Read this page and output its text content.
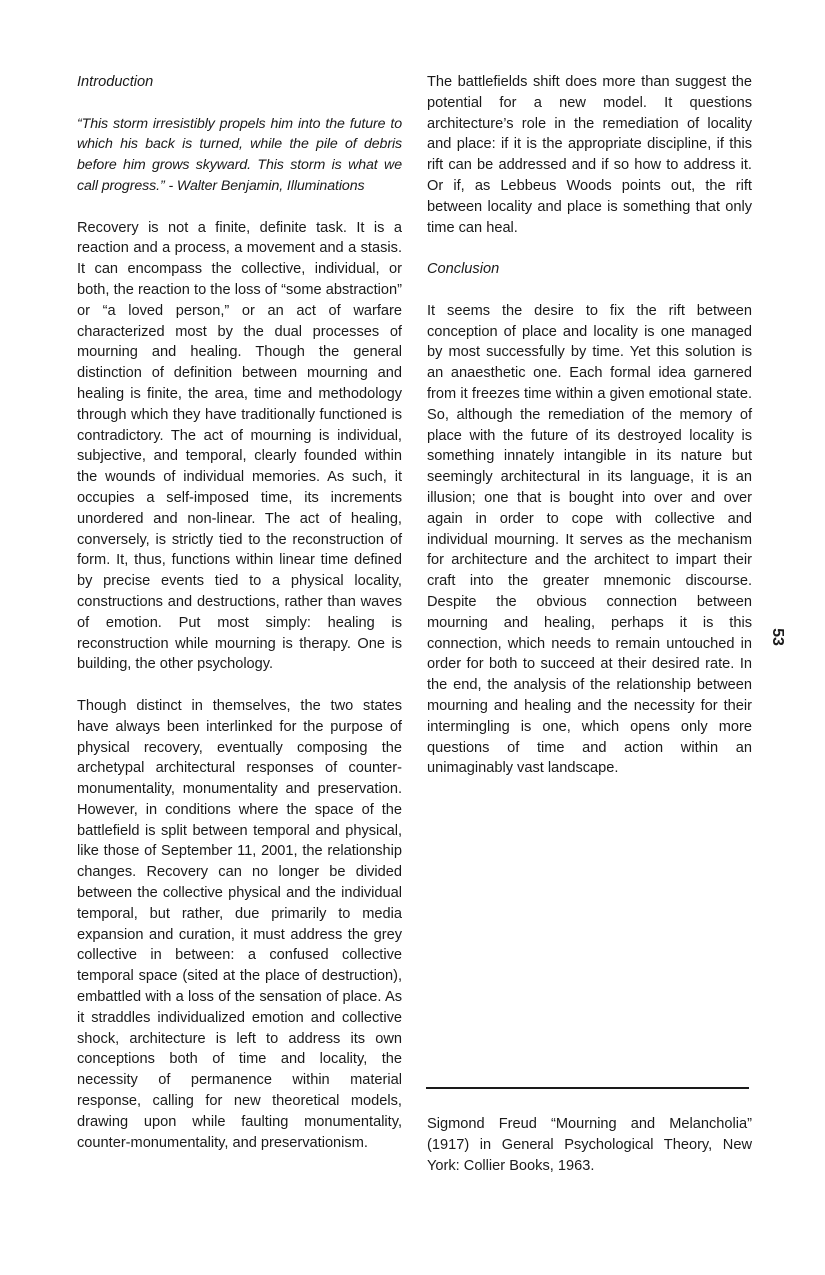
Introduction

“This storm irresistibly propels him into the future to which his back is turned, while the pile of debris before him grows skyward. This storm is what we call progress.” - Walter Benjamin, Illuminations

Recovery is not a finite, definite task. It is a reaction and a process, a movement and a stasis. It can encompass the collective, individual, or both, the reaction to the loss of “some abstraction” or “a loved person,” or an act of warfare characterized most by the dual processes of mourning and healing. Though the general distinction of definition between mourning and healing is finite, the area, time and methodology through which they have traditionally functioned is contradictory. The act of mourning is individual, subjective, and temporal, clearly founded within the wounds of individual memories. As such, it occupies a self-imposed time, its increments unordered and non-linear. The act of healing, conversely, is strictly tied to the reconstruction of form. It, thus, functions within linear time defined by precise events tied to a physical locality, constructions and destructions, rather than waves of emotion. Put most simply: healing is reconstruction while mourning is therapy. One is building, the other psychology.

Though distinct in themselves, the two states have always been interlinked for the purpose of physical recovery, eventually composing the archetypal architectural responses of counter-monumentality, monumentality and preservation. However, in conditions where the space of the battlefield is split between temporal and physical, like those of September 11, 2001, the relationship changes. Recovery can no longer be divided between the collective physical and the individual temporal, but rather, due primarily to media expansion and curation, it must address the grey collective in between: a confused collective temporal space (sited at the place of destruction), embattled with a loss of the sensation of place. As it straddles individualized emotion and collective shock, architecture is left to address its own conceptions both of time and locality, the necessity of permanence within material response, calling for new theoretical models, drawing upon while faulting monumentality, counter-monumentality, and preservationism.

The battlefields shift does more than suggest the potential for a new model. It questions architecture’s role in the remediation of locality and place: if it is the appropriate discipline, if this rift can be addressed and if so how to address it. Or if, as Lebbeus Woods points out, the rift between locality and place is something that only time can heal.

Conclusion

It seems the desire to fix the rift between conception of place and locality is one managed by most successfully by time. Yet this solution is an anaesthetic one. Each formal idea garnered from it freezes time within a given emotional state. So, although the remediation of the memory of place with the future of its destroyed locality is something innately intangible in its nature but seemingly architectural in its language, it is an illusion; one that is bought into over and over again in order to cope with collective and individual mourning. It serves as the mechanism for architecture and the architect to impart their craft into the greater mnemonic discourse. Despite the obvious connection between mourning and healing, perhaps it is this connection, which needs to remain untouched in order for both to succeed at their desired rate. In the end, the analysis of the relationship between mourning and healing and the necessity for their intermingling is one, which opens only more questions of time and action within an unimaginably vast landscape.

Sigmond Freud “Mourning and Melancholia” (1917) in General Psychological Theory, New York: Collier Books, 1963.

53
